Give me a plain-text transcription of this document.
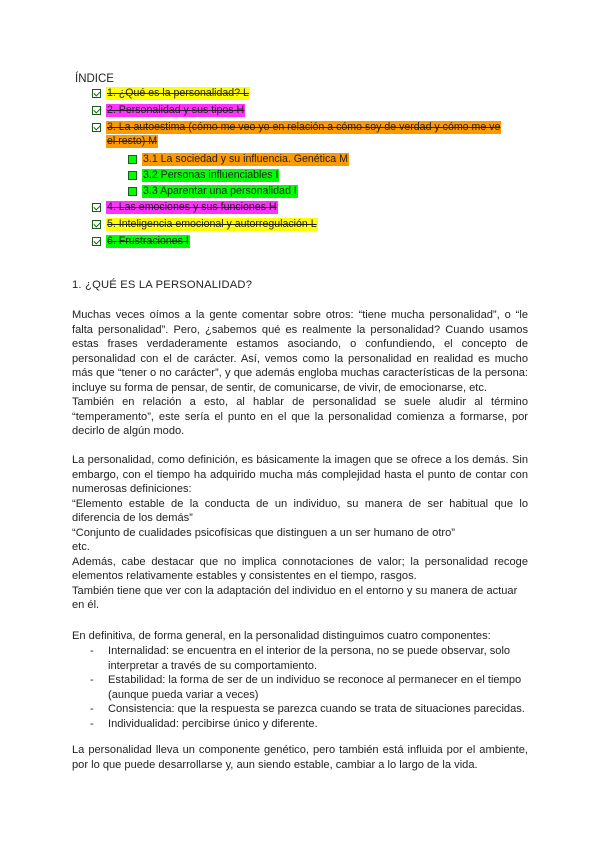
ÍNDICE
1. ¿Qué es la personalidad? L
2. Personalidad y sus tipos H
3. La autoestima (cómo me veo yo en relación a cómo soy de verdad y cómo me ve
el resto) M
3.1 La sociedad y su influencia. Genética M
3.2 Personas influenciables I
3.3 Aparentar una personalidad I
4. Las emociones y sus funciones H
5. Inteligencia emocional y autorregulación L
6. Frustraciones I
1. ¿QUÉ ES LA PERSONALIDAD?

Muchas veces oímos a la gente comentar sobre otros: “tiene mucha personalidad”, o “le falta personalidad”. Pero, ¿sabemos qué es realmente la personalidad? Cuando usamos estas frases verdaderamente estamos asociando, o confundiendo, el concepto de personalidad con el de carácter. Así, vemos como la personalidad en realidad es mucho más que “tener o no carácter”, y que además engloba muchas características de la persona: incluye su forma de pensar, de sentir, de comunicarse, de vivir, de emocionarse, etc.

También en relación a esto, al hablar de personalidad se suele aludir al término “temperamento”, este sería el punto en el que la personalidad comienza a formarse, por decirlo de algún modo.

La personalidad, como definición, es básicamente la imagen que se ofrece a los demás. Sin embargo, con el tiempo ha adquirido mucha más complejidad hasta el punto de contar con numerosas definiciones:

“Elemento estable de la conducta de un individuo, su manera de ser habitual que lo diferencia de los demás”

“Conjunto de cualidades psicofísicas que distinguen a un ser humano de otro”

etc.

Además, cabe destacar que no implica connotaciones de valor; la personalidad recoge elementos relativamente estables y consistentes en el tiempo, rasgos.

También tiene que ver con la adaptación del individuo en el entorno y su manera de actuar en él.

En definitiva, de forma general, en la personalidad distinguimos cuatro componentes:

- Internalidad: se encuentra en el interior de la persona, no se puede observar, solo interpretar a través de su comportamiento.
- Estabilidad: la forma de ser de un individuo se reconoce al permanecer en el tiempo (aunque pueda variar a veces)
- Consistencia: que la respuesta se parezca cuando se trata de situaciones parecidas.
- Individualidad: percibirse único y diferente.

La personalidad lleva un componente genético, pero también está influida por el ambiente, por lo que puede desarrollarse y, aun siendo estable, cambiar a lo largo de la vida.
